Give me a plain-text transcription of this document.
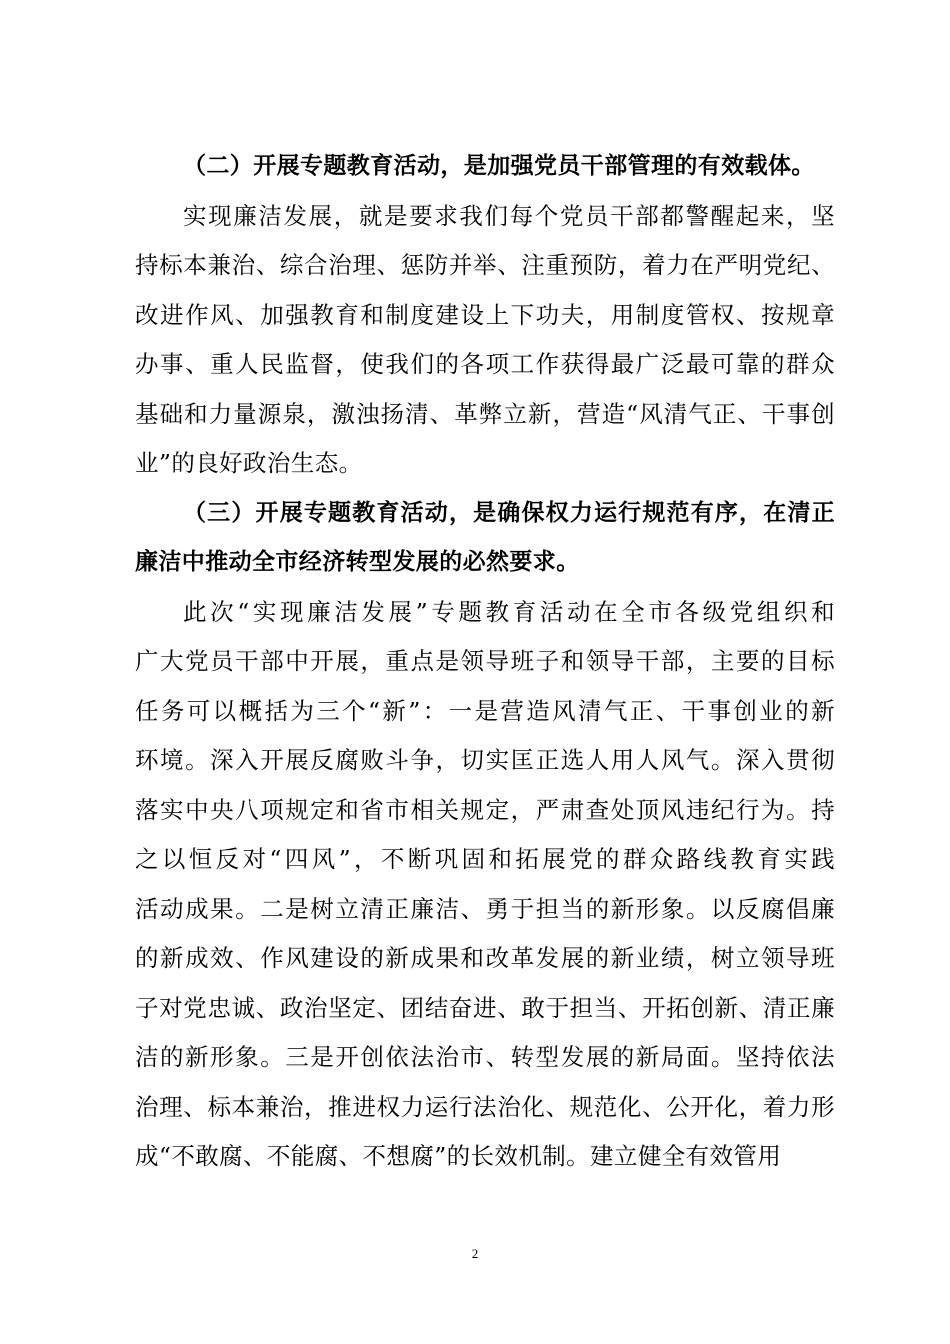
（二）开展专题教育活动，是加强党员干部管理的有效载体。
实现廉洁发展，就是要求我们每个党员干部都警醒起来，坚
持标本兼治、综合治理、惩防并举、注重预防，着力在严明党纪、
改进作风、加强教育和制度建设上下功夫，用制度管权、按规章
办事、重人民监督，使我们的各项工作获得最广泛最可靠的群众
基础和力量源泉，激浊扬清、革弊立新，营造“风清气正、干事创
业”的良好政治生态。
（三）开展专题教育活动，是确保权力运行规范有序，在清正
廉洁中推动全市经济转型发展的必然要求。
此次“实现廉洁发展”专题教育活动在全市各级党组织和
广大党员干部中开展，重点是领导班子和领导干部，主要的目标
任务可以概括为三个“新”：一是营造风清气正、干事创业的新
环境。深入开展反腐败斗争，切实匡正选人用人风气。深入贯彻
落实中央八项规定和省市相关规定，严肃查处顶风违纪行为。持
之以恒反对“四风”，不断巩固和拓展党的群众路线教育实践
活动成果。二是树立清正廉洁、勇于担当的新形象。以反腐倡廉
的新成效、作风建设的新成果和改革发展的新业绩，树立领导班
子对党忠诚、政治坚定、团结奋进、敢于担当、开拓创新、清正廉
洁的新形象。三是开创依法治市、转型发展的新局面。坚持依法
治理、标本兼治，推进权力运行法治化、规范化、公开化，着力形
成“不敢腐、不能腐、不想腐”的长效机制。建立健全有效管用
2
